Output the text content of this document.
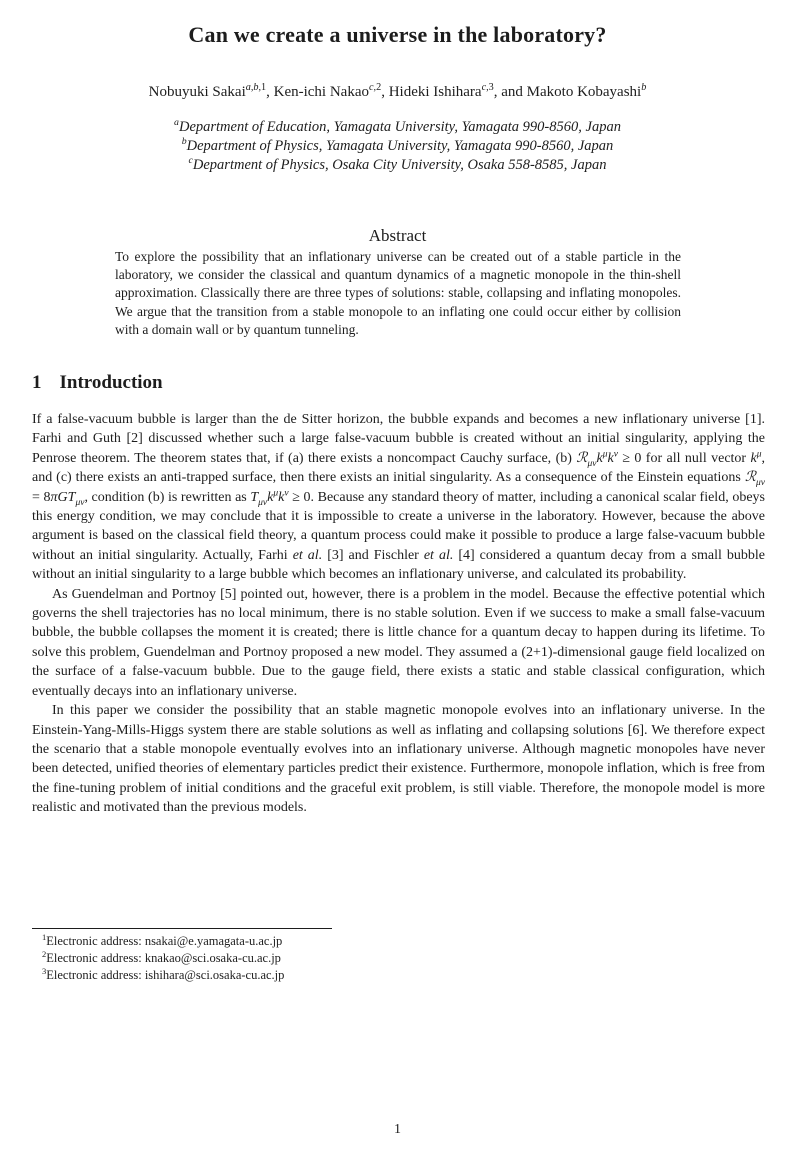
Can we create a universe in the laboratory?
Nobuyuki Sakai$^{a,b,1}$, Ken-ichi Nakao$^{c,2}$, Hideki Ishihara$^{c,3}$, and Makoto Kobayashi$^b$
$^a$Department of Education, Yamagata University, Yamagata 990-8560, Japan
$^b$Department of Physics, Yamagata University, Yamagata 990-8560, Japan
$^c$Department of Physics, Osaka City University, Osaka 558-8585, Japan
Abstract
To explore the possibility that an inflationary universe can be created out of a stable particle in the laboratory, we consider the classical and quantum dynamics of a magnetic monopole in the thin-shell approximation. Classically there are three types of solutions: stable, collapsing and inflating monopoles. We argue that the transition from a stable monopole to an inflating one could occur either by collision with a domain wall or by quantum tunneling.
1 Introduction

If a false-vacuum bubble is larger than the de Sitter horizon, the bubble expands and becomes a new inflationary universe [1]. Farhi and Guth [2] discussed whether such a large false-vacuum bubble is created without an initial singularity, applying the Penrose theorem. The theorem states that, if (a) there exists a noncompact Cauchy surface, (b) $ℛ_{\mu\nu}k^\mu k^\nu \ge 0$ for all null vector $k^\mu$, and (c) there exists an anti-trapped surface, then there exists an initial singularity. As a consequence of the Einstein equations ℛ$_{\mu\nu}$ = 8πGT$_{\mu\nu}$, condition (b) is rewritten as $T_{\mu\nu}k^\mu k^\nu \ge 0$. Because any standard theory of matter, including a canonical scalar field, obeys this energy condition, we may conclude that it is impossible to create a universe in the laboratory. However, because the above argument is based on the classical field theory, a quantum process could make it possible to produce a large false-vacuum bubble without an initial singularity. Actually, Farhi et al. [3] and Fischler et al. [4] considered a quantum decay from a small bubble without an initial singularity to a large bubble which becomes an inflationary universe, and calculated its probability.

As Guendelman and Portnoy [5] pointed out, however, there is a problem in the model. Because the effective potential which governs the shell trajectories has no local minimum, there is no stable solution. Even if we success to make a small false-vacuum bubble, the bubble collapses the moment it is created; there is little chance for a quantum decay to happen during its lifetime. To solve this problem, Guendelman and Portnoy proposed a new model. They assumed a (2+1)-dimensional gauge field localized on the surface of a false-vacuum bubble. Due to the gauge field, there exists a static and stable classical configuration, which eventually decays into an inflationary universe.

In this paper we consider the possibility that an stable magnetic monopole evolves into an inflationary universe. In the Einstein-Yang-Mills-Higgs system there are stable solutions as well as inflating and collapsing solutions [6]. We therefore expect the scenario that a stable monopole eventually evolves into an inflationary universe. Although magnetic monopoles have never been detected, unified theories of elementary particles predict their existence. Furthermore, monopole inflation, which is free from the fine-tuning problem of initial conditions and the graceful exit problem, is still viable. Therefore, the monopole model is more realistic and motivated than the previous models.

$^1$Electronic address: nsakai@e.yamagata-u.ac.jp

$^2$Electronic address: knakao@sci.osaka-cu.ac.jp

$^3$Electronic address: ishihara@sci.osaka-cu.ac.jp

1
